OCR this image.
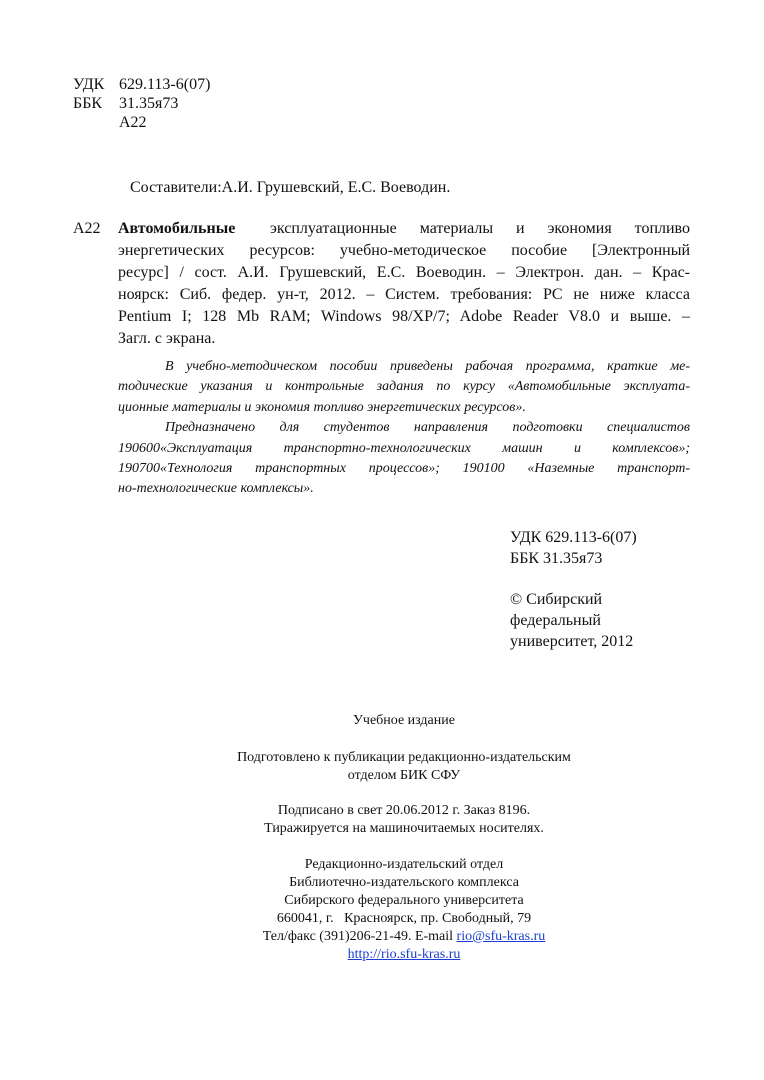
УДК 629.113-6(07)
ББК 31.35я73
А22
Составители:А.И. Грушевский, Е.С. Воеводин.
А22 Автомобильные эксплуатационные материалы и экономия топливо
энергетических ресурсов: учебно-методическое пособие [Электронный
ресурс] / сост. А.И. Грушевский, Е.С. Воеводин. – Электрон. дан. – Крас-
ноярск: Сиб. федер. ун-т, 2012. – Систем. требования: PC не ниже класса
Pentium I; 128 Mb RAM; Windows 98/XP/7; Adobe Reader V8.0 и выше. –
Загл. с экрана.
В учебно-методическом пособии приведены рабочая программа, краткие ме-
тодические указания и контрольные задания по курсу «Автомобильные эксплуата-
ционные материалы и экономия топливо энергетических ресурсов».
Предназначено для студентов направления подготовки специалистов
190600«Эксплуатация транспортно-технологических машин и комплексов»;
190700«Технология транспортных процессов»; 190100 «Наземные транспорт-
но-технологические комплексы».
УДК 629.113-6(07)
ББК 31.35я73
© Сибирский
федеральный
университет, 2012
Учебное издание
Подготовлено к публикации редакционно-издательским
отделом БИК СФУ
Подписано в свет 20.06.2012 г. Заказ 8196.
Тиражируется на машиночитаемых носителях.
Редакционно-издательский отдел
Библиотечно-издательского комплекса
Сибирского федерального университета
660041, г.   Красноярск, пр. Свободный, 79
Тел/факс (391)206-21-49. E-mail rio@sfu-kras.ru
http://rio.sfu-kras.ru
